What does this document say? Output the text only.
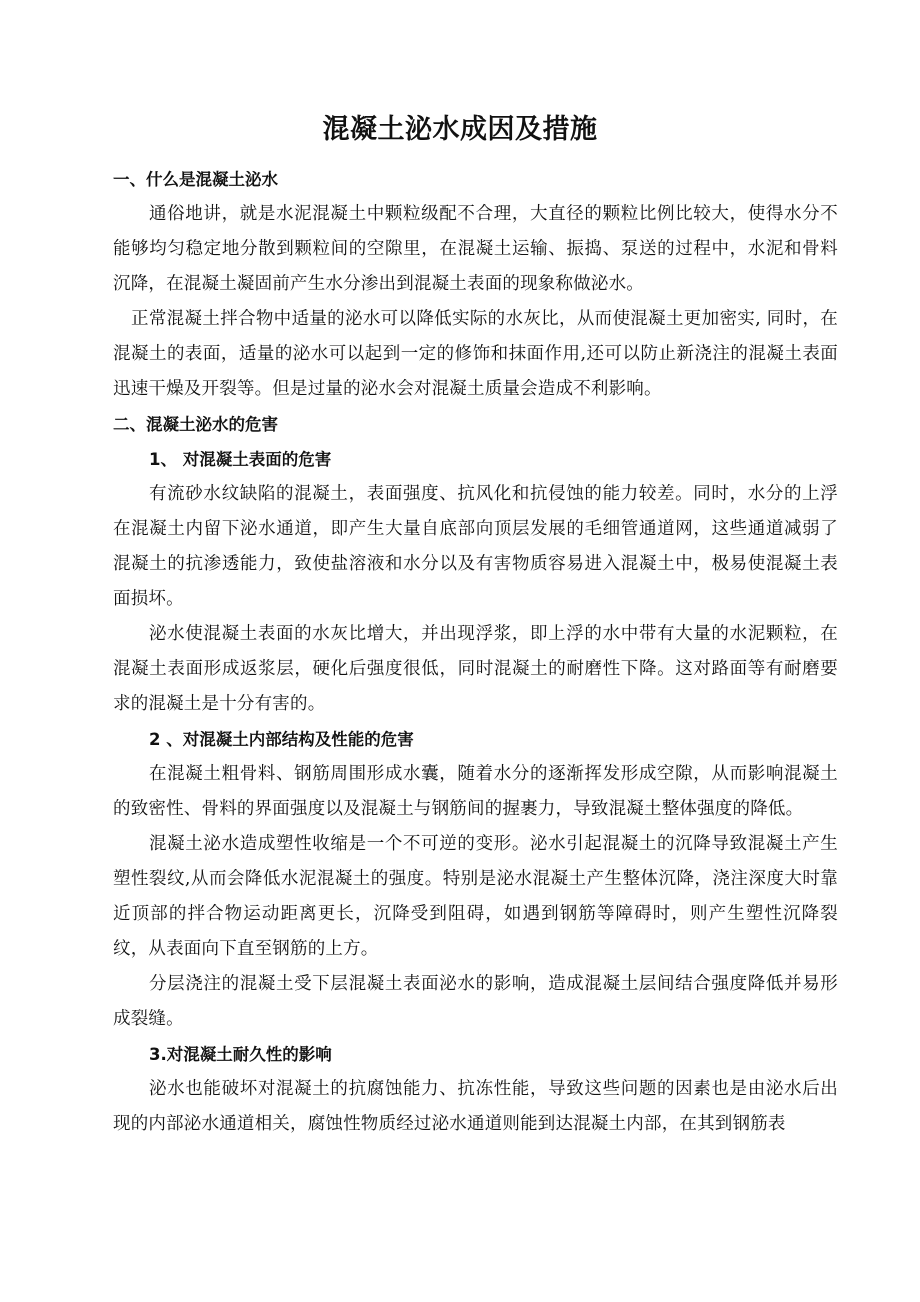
混凝土泌水成因及措施
一、什么是混凝土泌水

通俗地讲，就是水泥混凝土中颗粒级配不合理，大直径的颗粒比例比较大，使得水分不能够均匀稳定地分散到颗粒间的空隙里，在混凝土运输、振捣、泵送的过程中，水泥和骨料沉降，在混凝土凝固前产生水分渗出到混凝土表面的现象称做泌水。

正常混凝土拌合物中适量的泌水可以降低实际的水灰比，从而使混凝土更加密实, 同时，在混凝土的表面，适量的泌水可以起到一定的修饰和抹面作用,还可以防止新浇注的混凝土表面迅速干燥及开裂等。但是过量的泌水会对混凝土质量会造成不利影响。

二、混凝土泌水的危害
1、 对混凝土表面的危害

有流砂水纹缺陷的混凝土，表面强度、抗风化和抗侵蚀的能力较差。同时，水分的上浮在混凝土内留下泌水通道，即产生大量自底部向顶层发展的毛细管通道网，这些通道减弱了混凝土的抗渗透能力，致使盐溶液和水分以及有害物质容易进入混凝土中，极易使混凝土表面损坏。

泌水使混凝土表面的水灰比增大，并出现浮浆，即上浮的水中带有大量的水泥颗粒，在混凝土表面形成返浆层，硬化后强度很低，同时混凝土的耐磨性下降。这对路面等有耐磨要求的混凝土是十分有害的。

2 、对混凝土内部结构及性能的危害

在混凝土粗骨料、钢筋周围形成水囊，随着水分的逐渐挥发形成空隙，从而影响混凝土的致密性、骨料的界面强度以及混凝土与钢筋间的握裹力，导致混凝土整体强度的降低。

混凝土泌水造成塑性收缩是一个不可逆的变形。泌水引起混凝土的沉降导致混凝土产生塑性裂纹,从而会降低水泥混凝土的强度。特别是泌水混凝土产生整体沉降，浇注深度大时靠近顶部的拌合物运动距离更长，沉降受到阻碍，如遇到钢筋等障碍时，则产生塑性沉降裂纹，从表面向下直至钢筋的上方。

分层浇注的混凝土受下层混凝土表面泌水的影响，造成混凝土层间结合强度降低并易形成裂缝。

3.对混凝土耐久性的影响

泌水也能破坏对混凝土的抗腐蚀能力、抗冻性能，导致这些问题的因素也是由泌水后出现的内部泌水通道相关，腐蚀性物质经过泌水通道则能到达混凝土内部，在其到钢筋表
